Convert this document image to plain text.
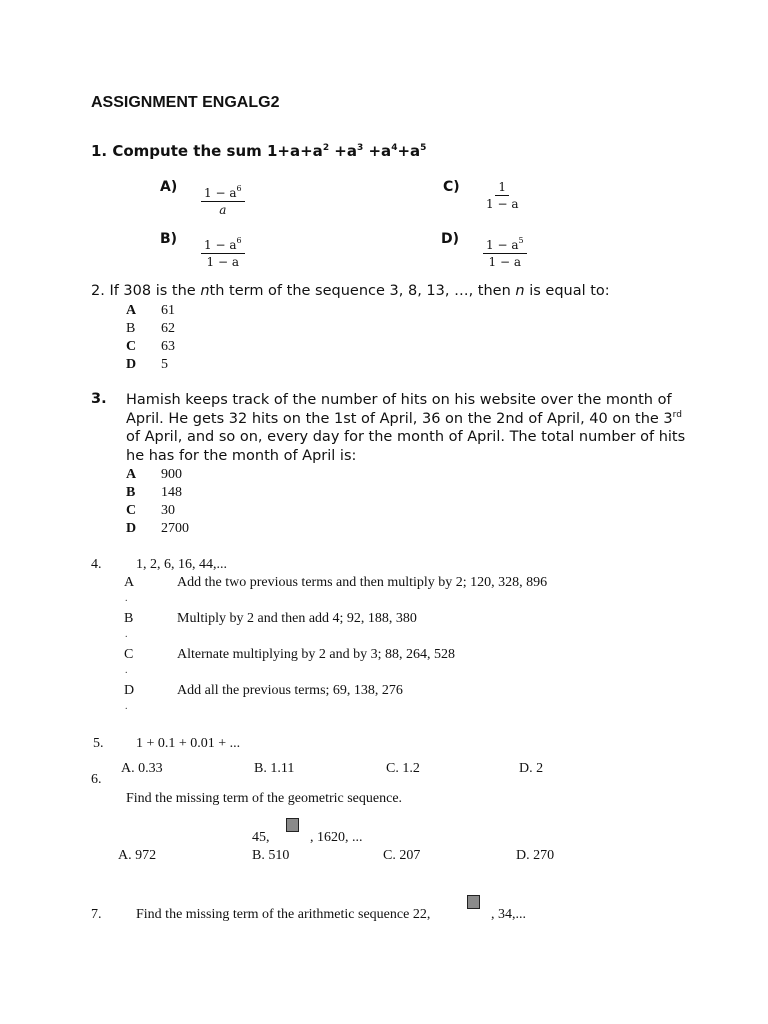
ASSIGNMENT ENGALG2
1. Compute the sum $1+a+a^2 +a^3 +a^4+a^5$
$A) \frac{1 - a^6}{a}$	$C) \frac{1}{1 - a}$
$B) \frac{1 - a^6}{1 - a}$	$D) \frac{1 - a^5}{1 - a}$
2. If 308 is the nth term of the sequence 3, 8, 13, …, then n is equal to:
A 61
B 62
C 63
D 5
3. Hamish keeps track of the number of hits on his website over the month of April. He gets 32 hits on the 1st of April, 36 on the 2nd of April, 40 on the 3rd of April, and so on, every day for the month of April. The total number of hits he has for the month of April is:
A 900
B 148
C 30
D 2700
4. 1, 2, 6, 16, 44,...
A
.
Add the two previous terms and then multiply by 2; 120, 328, 896
B
.
Multiply by 2 and then add 4; 92, 188, 380
C
.
Alternate multiplying by 2 and by 3; 88, 264, 528
D
.
Add all the previous terms; 69, 138, 276
5. 1 + 0.1 + 0.01 + ...
A. 0.33	B. 1.11	C. 1.2	D. 2
6.
Find the missing term of the geometric sequence.
45,	, 1620, ...
A. 972	B. 510	C. 207	D. 270
7. Find the missing term of the arithmetic sequence 22,	, 34,...
